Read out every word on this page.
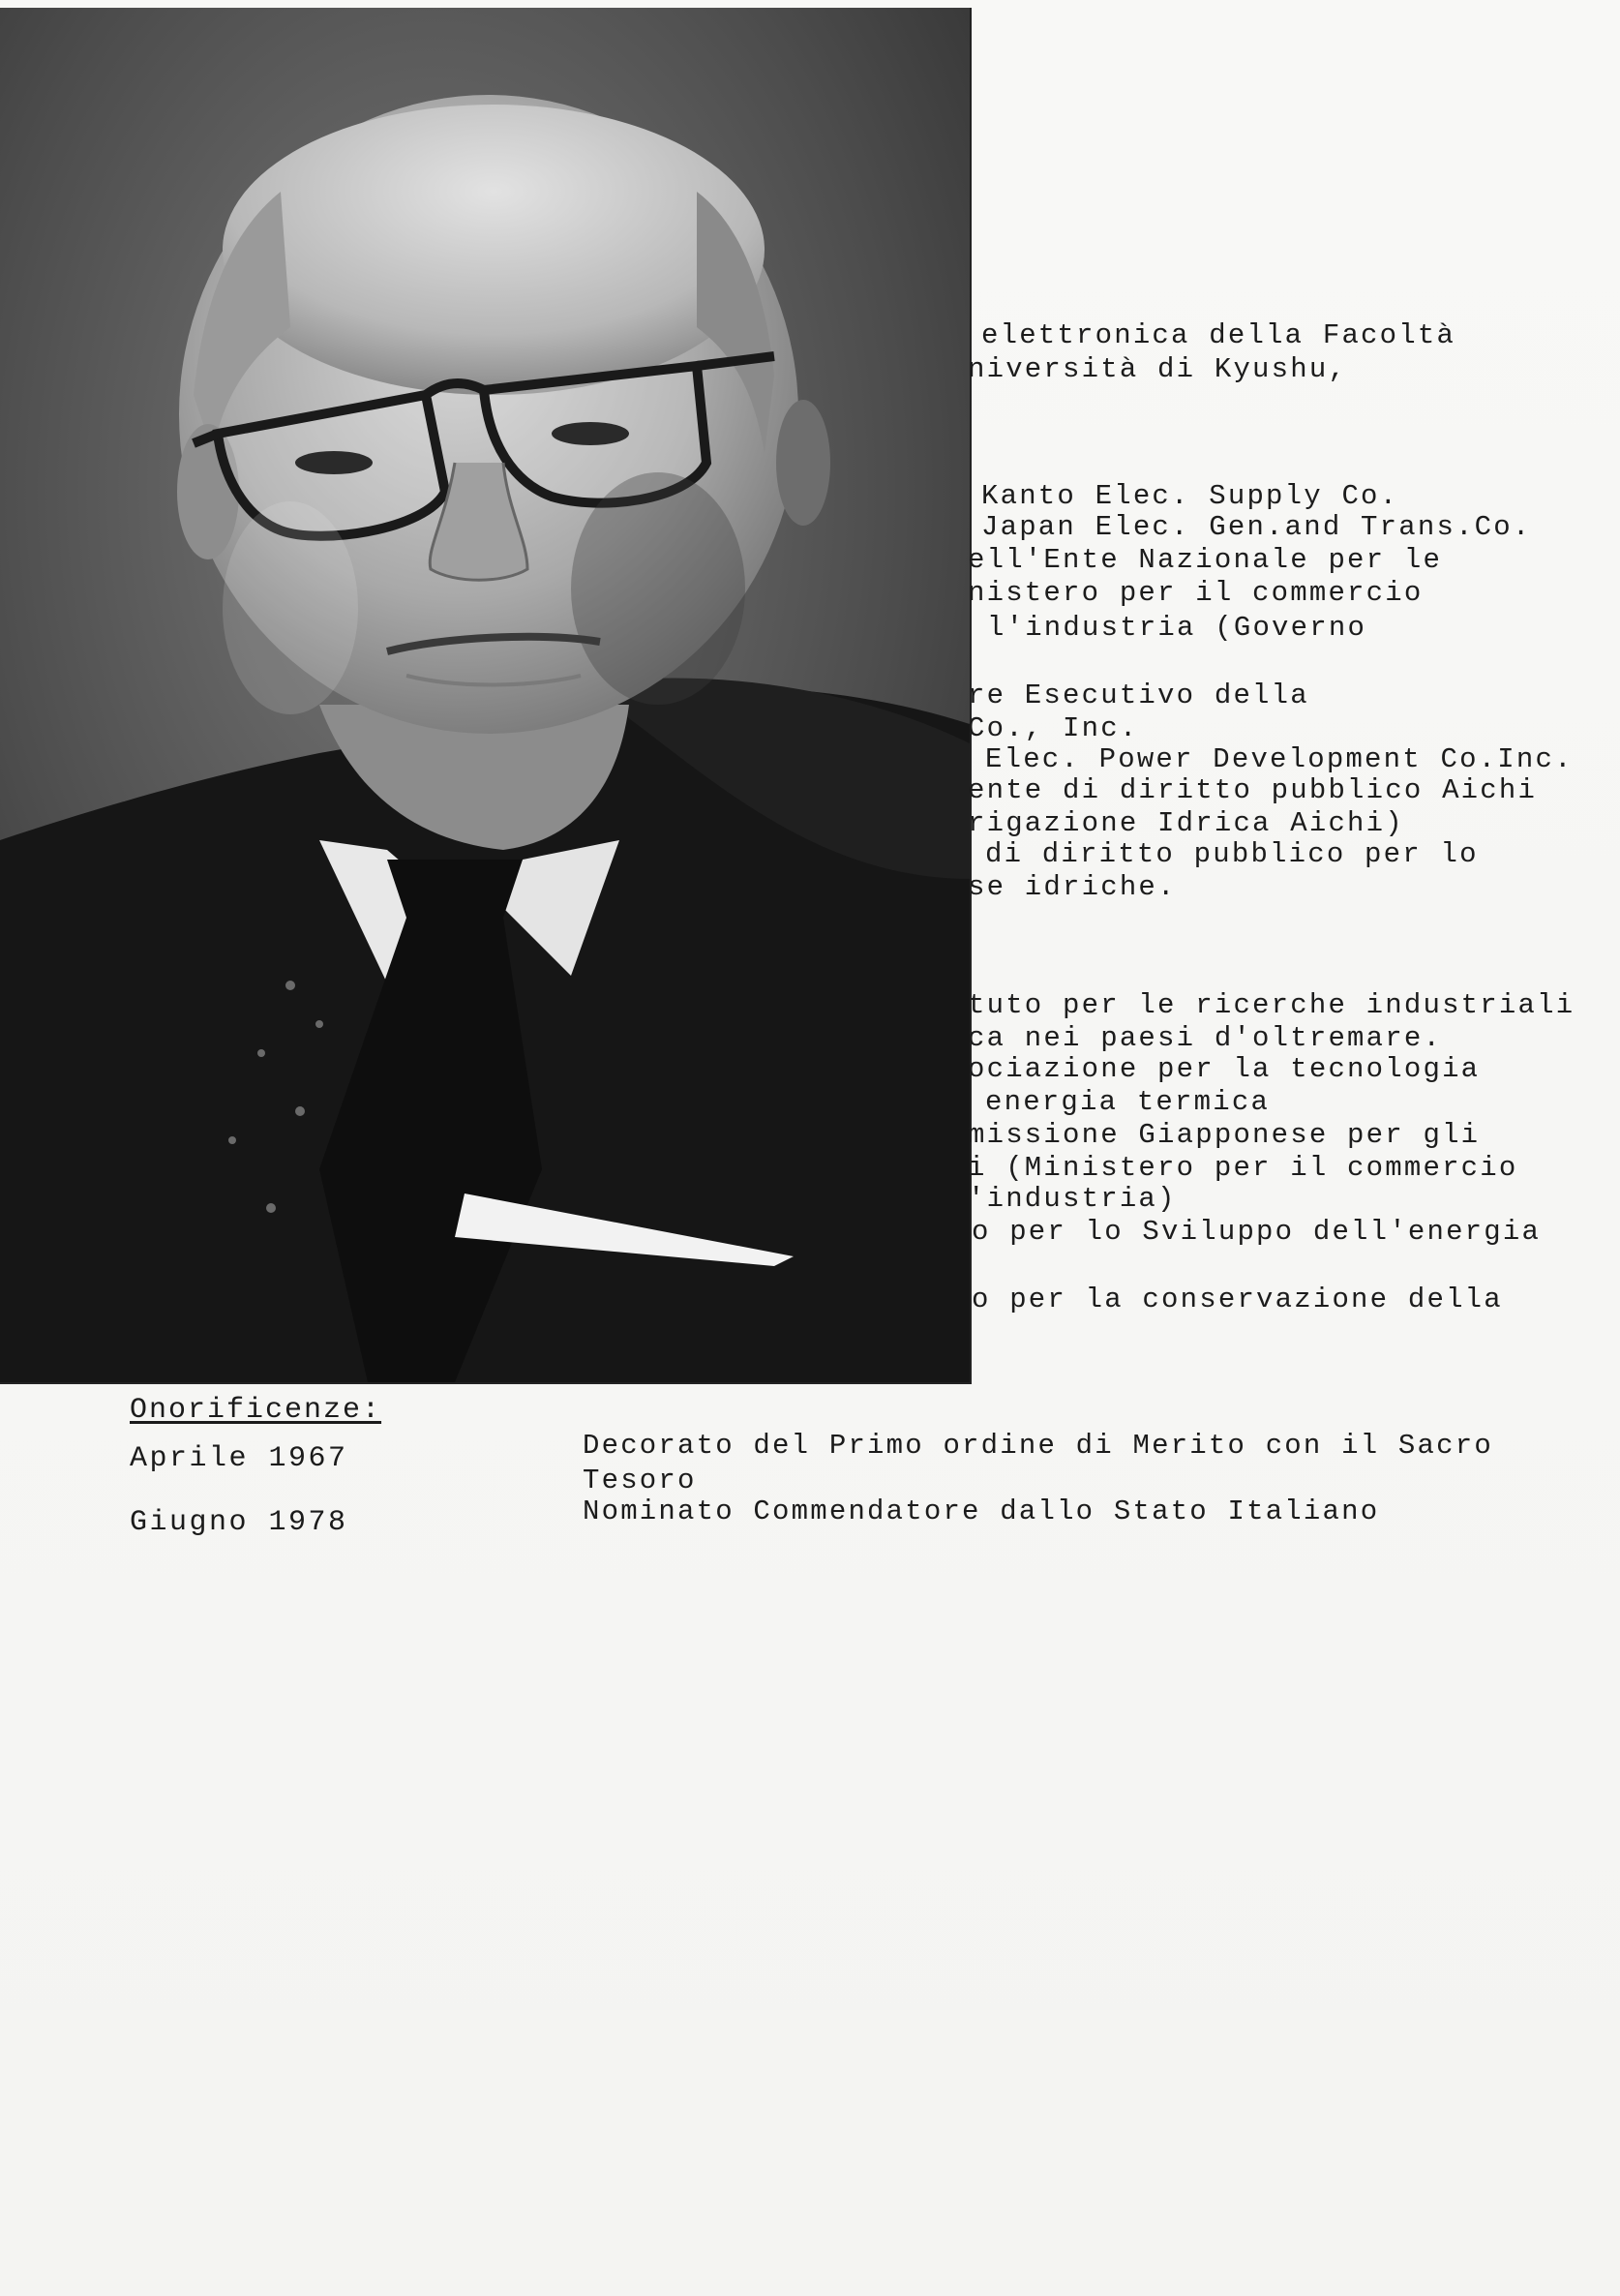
elettronica della Facoltà
niversità di Kyushu,
Kanto Elec. Supply Co.
Japan Elec. Gen.and Trans.Co.
ell'Ente Nazionale per le
nistero per il commercio
l'industria (Governo
re Esecutivo della
Co., Inc.
Elec. Power Development Co.Inc.
ente di diritto pubblico Aichi
rigazione Idrica Aichi)
di diritto pubblico per lo
se idriche.
tuto per le ricerche industriali
ca nei paesi d'oltremare.
ociazione per la tecnologia
energia termica
missione Giapponese per gli
i (Ministero per il commercio
'industria)
o per lo Sviluppo dell'energia
o per la conservazione della
Onorificenze:
Aprile 1967	Decorato del Primo ordine di Merito con il Sacro
Tesoro
Giugno 1978	Nominato Commendatore dallo Stato Italiano
